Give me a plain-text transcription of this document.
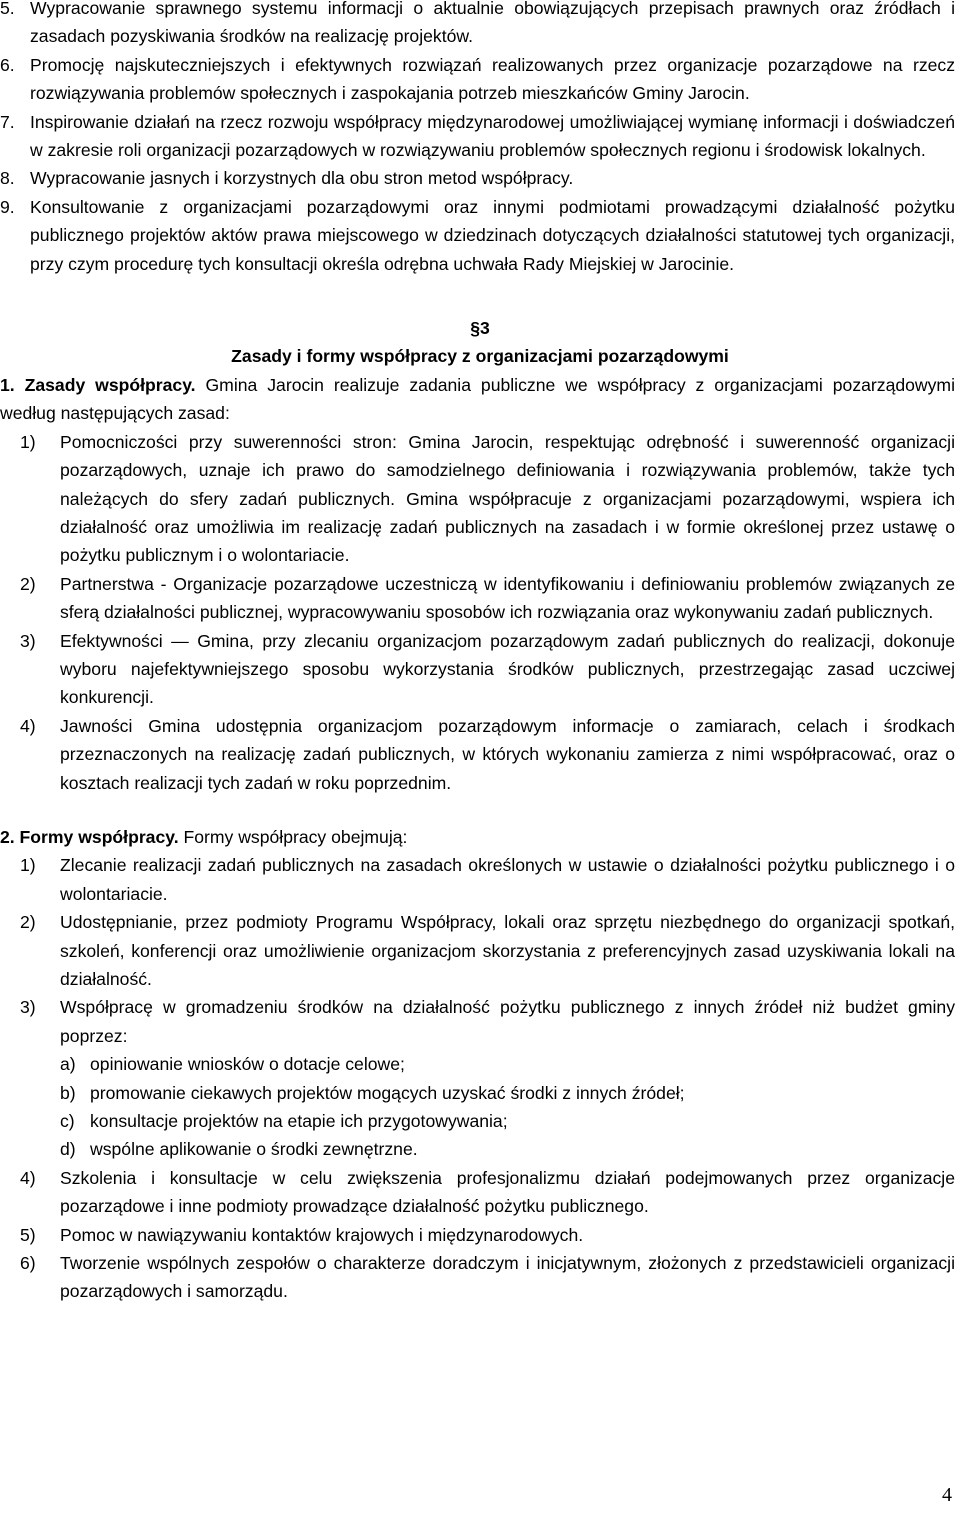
5. Wypracowanie sprawnego systemu informacji o aktualnie obowiązujących przepisach prawnych oraz źródłach i zasadach pozyskiwania środków na realizację projektów.
6. Promocję najskuteczniejszych i efektywnych rozwiązań realizowanych przez organizacje pozarządowe na rzecz rozwiązywania problemów społecznych i zaspokajania potrzeb mieszkańców Gminy Jarocin.
7. Inspirowanie działań na rzecz rozwoju współpracy międzynarodowej umożliwiającej wymianę informacji i doświadczeń w zakresie roli organizacji pozarządowych w rozwiązywaniu problemów społecznych regionu i środowisk lokalnych.
8. Wypracowanie jasnych i korzystnych dla obu stron metod współpracy.
9. Konsultowanie z organizacjami pozarządowymi oraz innymi podmiotami prowadzącymi działalność pożytku publicznego projektów aktów prawa miejscowego w dziedzinach dotyczących działalności statutowej tych organizacji, przy czym procedurę tych konsultacji określa odrębna uchwała Rady Miejskiej w Jarocinie.
§3
Zasady i formy współpracy z organizacjami pozarządowymi
1. Zasady współpracy. Gmina Jarocin realizuje zadania publiczne we współpracy z organizacjami pozarządowymi według następujących zasad:
1)	Pomocniczości przy suwerenności stron: Gmina Jarocin, respektując odrębność i suwerenność organizacji pozarządowych, uznaje ich prawo do samodzielnego definiowania i rozwiązywania problemów, także tych należących do sfery zadań publicznych. Gmina współpracuje z organizacjami pozarządowymi, wspiera ich działalność oraz umożliwia im realizację zadań publicznych na zasadach i w formie określonej przez ustawę o pożytku publicznym i o wolontariacie.
2)	Partnerstwa - Organizacje pozarządowe uczestniczą w identyfikowaniu i definiowaniu problemów związanych ze sferą działalności publicznej, wypracowywaniu sposobów ich rozwiązania oraz wykonywaniu zadań publicznych.
3)	Efektywności — Gmina, przy zlecaniu organizacjom pozarządowym zadań publicznych do realizacji, dokonuje wyboru najefektywniejszego sposobu wykorzystania środków publicznych, przestrzegając zasad uczciwej konkurencji.
4)	Jawności Gmina udostępnia organizacjom pozarządowym informacje o zamiarach, celach i środkach przeznaczonych na realizację zadań publicznych, w których wykonaniu zamierza z nimi współpracować, oraz o kosztach realizacji tych zadań w roku poprzednim.
2. Formy współpracy. Formy współpracy obejmują:
1)	Zlecanie realizacji zadań publicznych na zasadach określonych w ustawie o działalności pożytku publicznego i o wolontariacie.
2)	Udostępnianie, przez podmioty Programu Współpracy, lokali oraz sprzętu niezbędnego do organizacji spotkań, szkoleń, konferencji oraz umożliwienie organizacjom skorzystania z preferencyjnych zasad uzyskiwania lokali na działalność.
3)	Współpracę w gromadzeniu środków na działalność pożytku publicznego z innych źródeł niż budżet gminy poprzez:
a) opiniowanie wniosków o dotacje celowe;
b) promowanie ciekawych projektów mogących uzyskać środki z innych źródeł;
c) konsultacje projektów na etapie ich przygotowywania;
d) wspólne aplikowanie o środki zewnętrzne.
4)	Szkolenia i konsultacje w celu zwiększenia profesjonalizmu działań podejmowanych przez organizacje pozarządowe i inne podmioty prowadzące działalność pożytku publicznego.
5)	Pomoc w nawiązywaniu kontaktów krajowych i międzynarodowych.
6)	Tworzenie wspólnych zespołów o charakterze doradczym i inicjatywnym, złożonych z przedstawicieli organizacji pozarządowych i samorządu.
4
